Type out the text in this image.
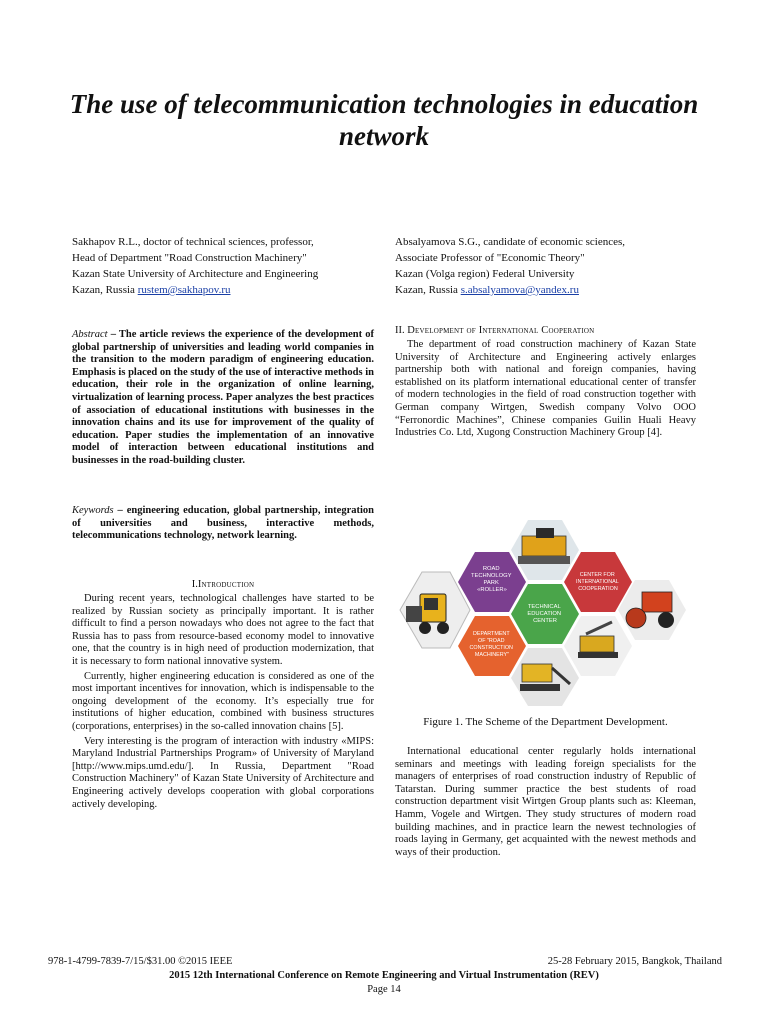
The use of telecommunication technologies in education network
Sakhapov R.L., doctor of technical sciences, professor,
Head of Department "Road Construction Machinery"
Kazan State University of Architecture and Engineering
Kazan, Russia rustem@sakhapov.ru
Absalyamova S.G., candidate of economic sciences,
Associate Professor of "Economic Theory"
Kazan (Volga region) Federal University
Kazan, Russia s.absalyamova@yandex.ru
Abstract – The article reviews the experience of the development of global partnership of universities and leading world companies in the transition to the modern paradigm of engineering education. Emphasis is placed on the study of the use of interactive methods in education, their role in the organization of online learning, virtualization of learning process. Paper analyzes the best practices of association of educational institutions with businesses in the innovation chains and its use for improvement of the quality of education. Paper studies the implementation of an innovative model of interaction between educational institutions and businesses in the road-building cluster.
Keywords – engineering education, global partnership, integration of universities and business, interactive methods, telecommunications technology, network learning.
I.Introduction

During recent years, technological challenges have started to be realized by Russian society as principally important. It is rather difficult to find a person nowadays who does not agree to the fact that Russia has to pass from resource-based economy model to innovative one, that the country is in high need of production modernization, that it is necessary to form national innovative system.

Currently, higher engineering education is considered as one of the most important incentives for innovation, which is indispensable to the ongoing development of the economy. It’s especially true for institutions of higher education, combined with business structures (corporations, enterprises) in the so-called innovation chains [5].

Very interesting is the program of interaction with industry «MIPS: Maryland Industrial Partnerships Program» of University of Maryland [http://www.mips.umd.edu/]. In Russia, Department "Road Construction Machinery" of Kazan State University of Architecture and Engineering actively develops cooperation with global corporations actively developing.

II. Development of International Cooperation

The department of road construction machinery of Kazan State University of Architecture and Engineering actively enlarges partnership both with national and foreign companies, having established on its platform international educational center of transfer of modern technologies in the field of road construction together with German company Wirtgen, Swedish company Volvo OOO “Ferronordic Machines”, Chinese companies Guilin Huali Heavy Industries Co. Ltd, Xugong Construction Machinery Group [4].

ROAD TECHNOLOGY PARK «ROLLER»
CENTER FOR INTERNATIONAL COOPERATION
TECHNICAL EDUCATION CENTER
DEPARTMENT OF "ROAD CONSTRUCTION MACHINERY"
Figure 1. The Scheme of the Department Development.

International educational center regularly holds international seminars and meetings with leading foreign specialists for the managers of enterprises of road construction industry of Republic of Tatarstan. During summer practice the best students of road construction department visit Wirtgen Group plants such as: Kleeman, Hamm, Vogele and Wirtgen. They study structures of modern road building machines, and in practice learn the newest technologies of roads laying in Germany, get acquainted with the newest methods and ways of their production.

978-1-4799-7839-7/15/$31.00 ©2015 IEEE	25-28 February 2015, Bangkok, Thailand
2015 12th International Conference on Remote Engineering and Virtual Instrumentation (REV)
Page 14
